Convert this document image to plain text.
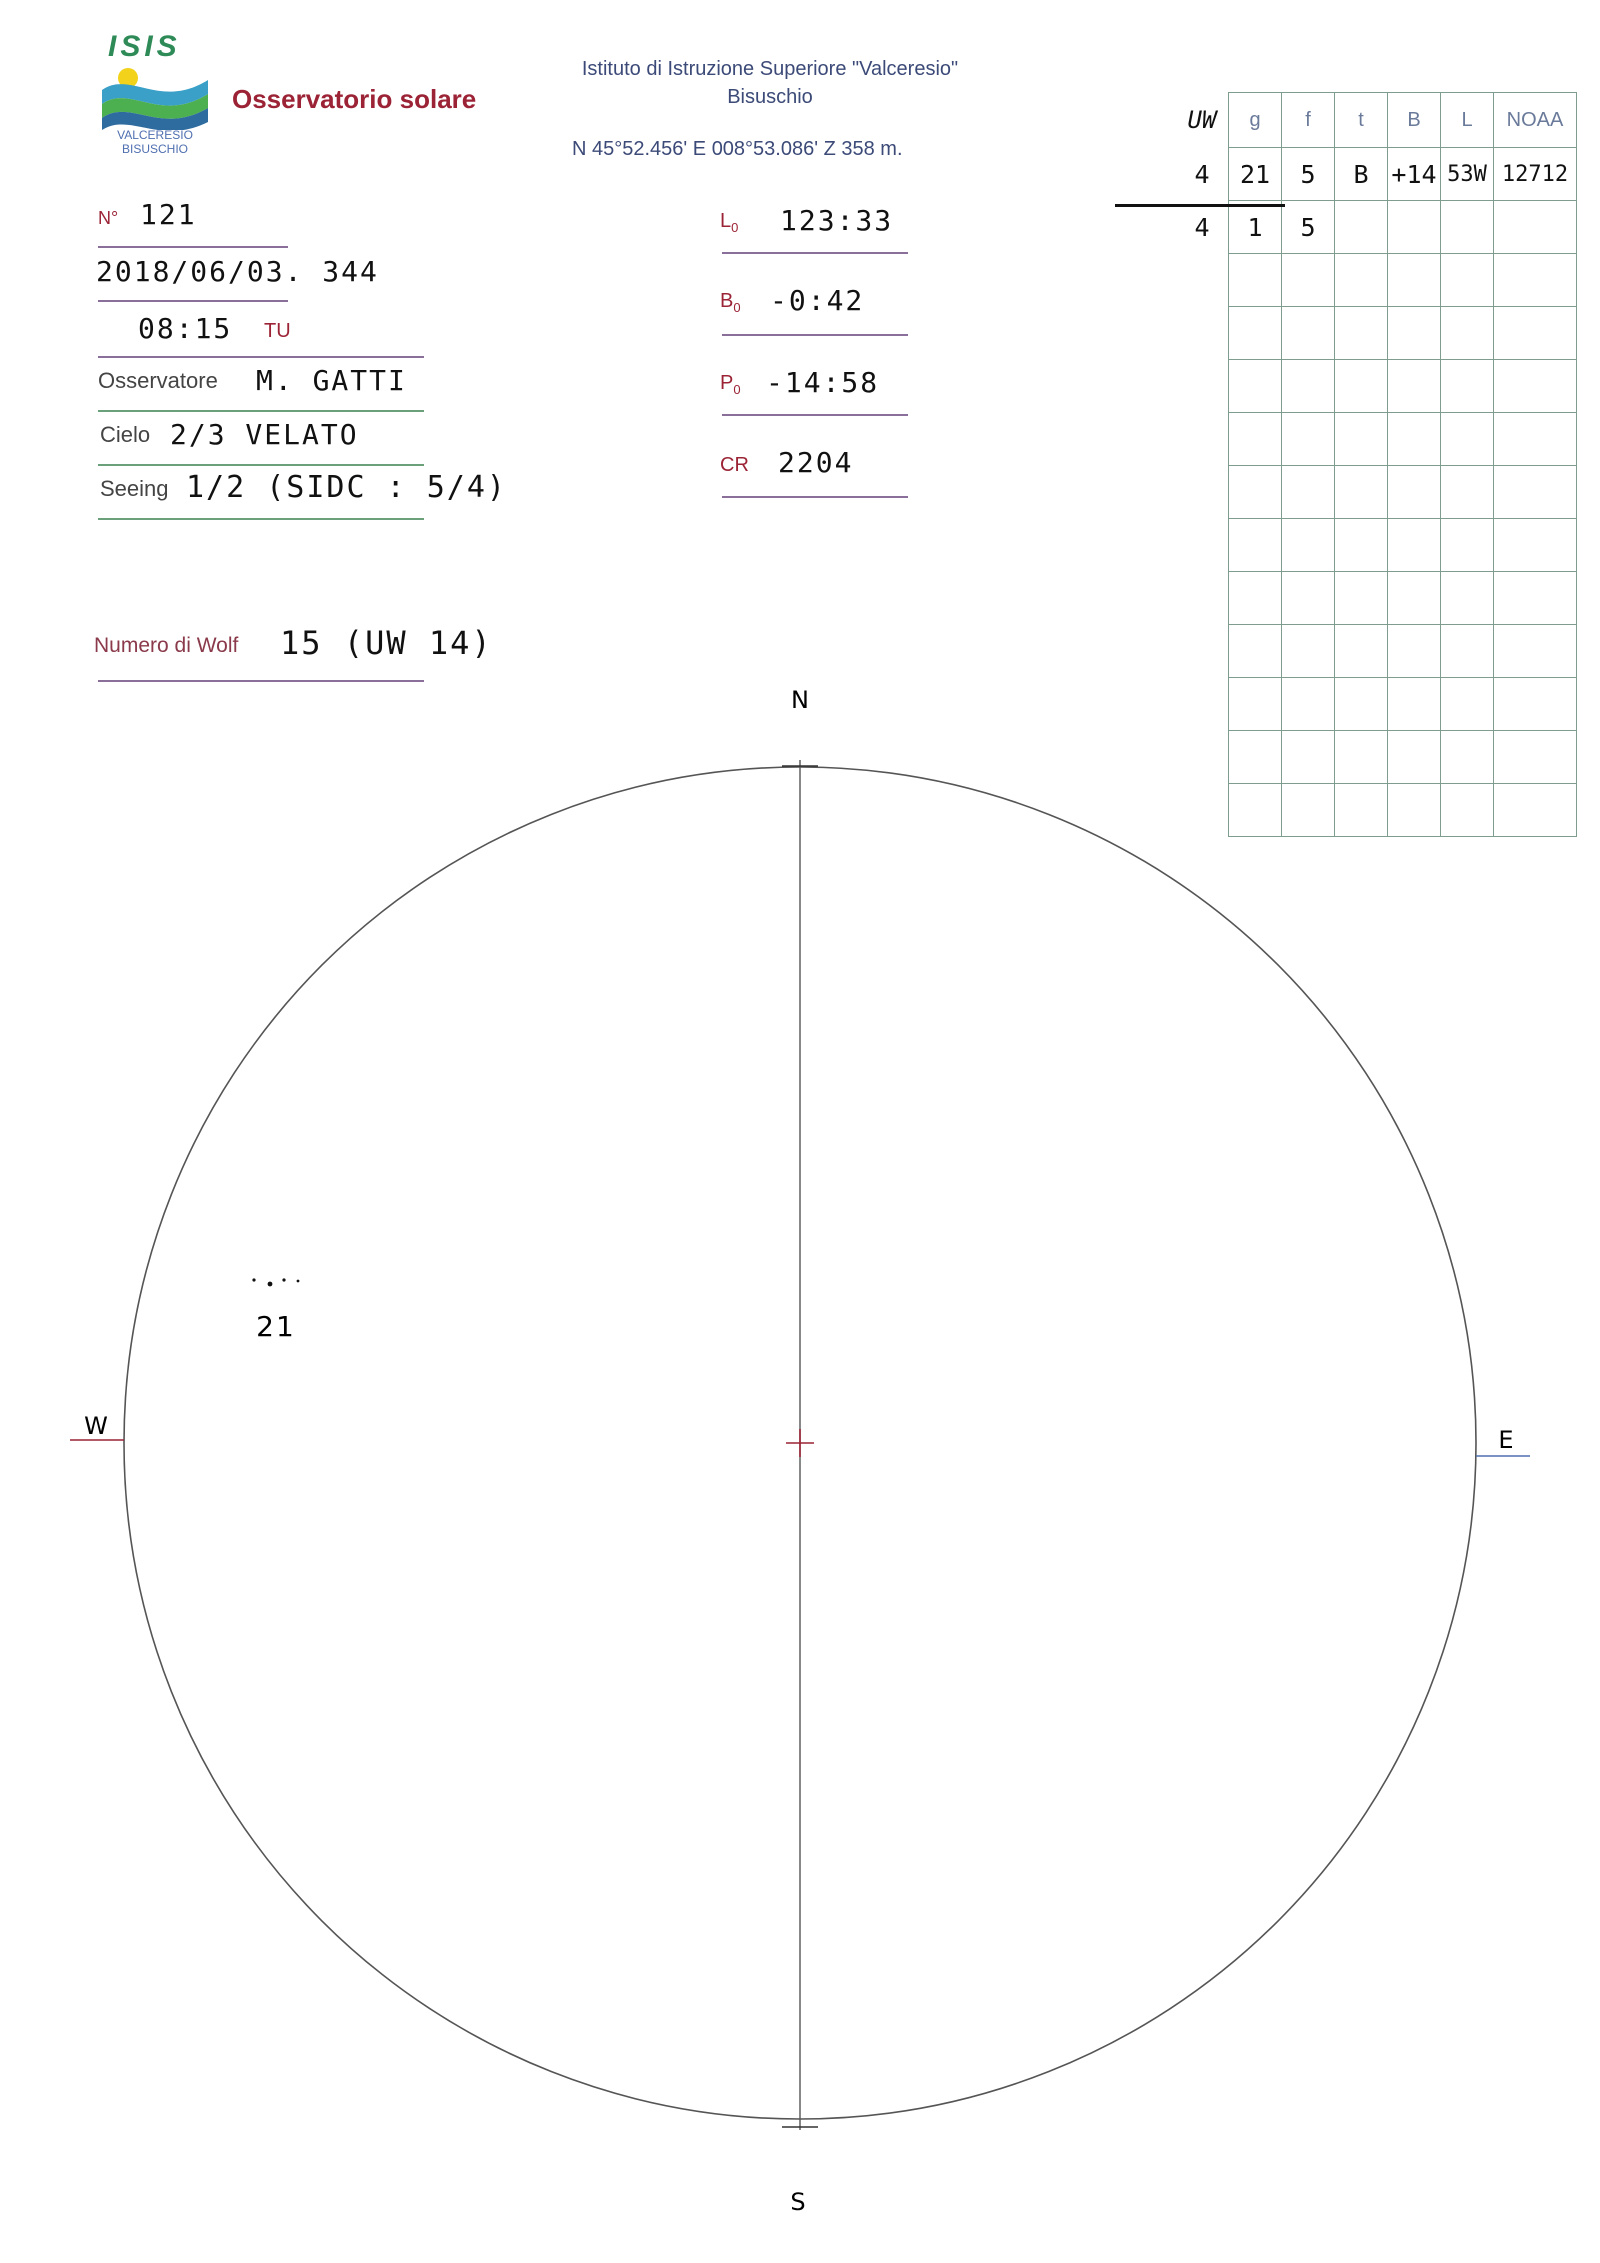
ISIS
VALCERESIO
BISUSCHIO
Osservatorio solare
Istituto di Istruzione Superiore "Valceresio"
Bisuschio
N 45°52.456' E 008°53.086' Z 358 m.
N° 121
2018/06/03. 344
08:15 TU
Osservatore M. GATTI
Cielo 2/3 VELATO
Seeing 1/2 (SIDC : 5/4)
Numero di Wolf 15 (UW 14)
$L_0$ 123:33
$B_0$ -0:42
$P_0$ -14:58
CR 2204
UW	g	f	t	B	L	NOAA
4	21	5	B	+14	53W	12712
4	1	5				

N
S
E
W
21
